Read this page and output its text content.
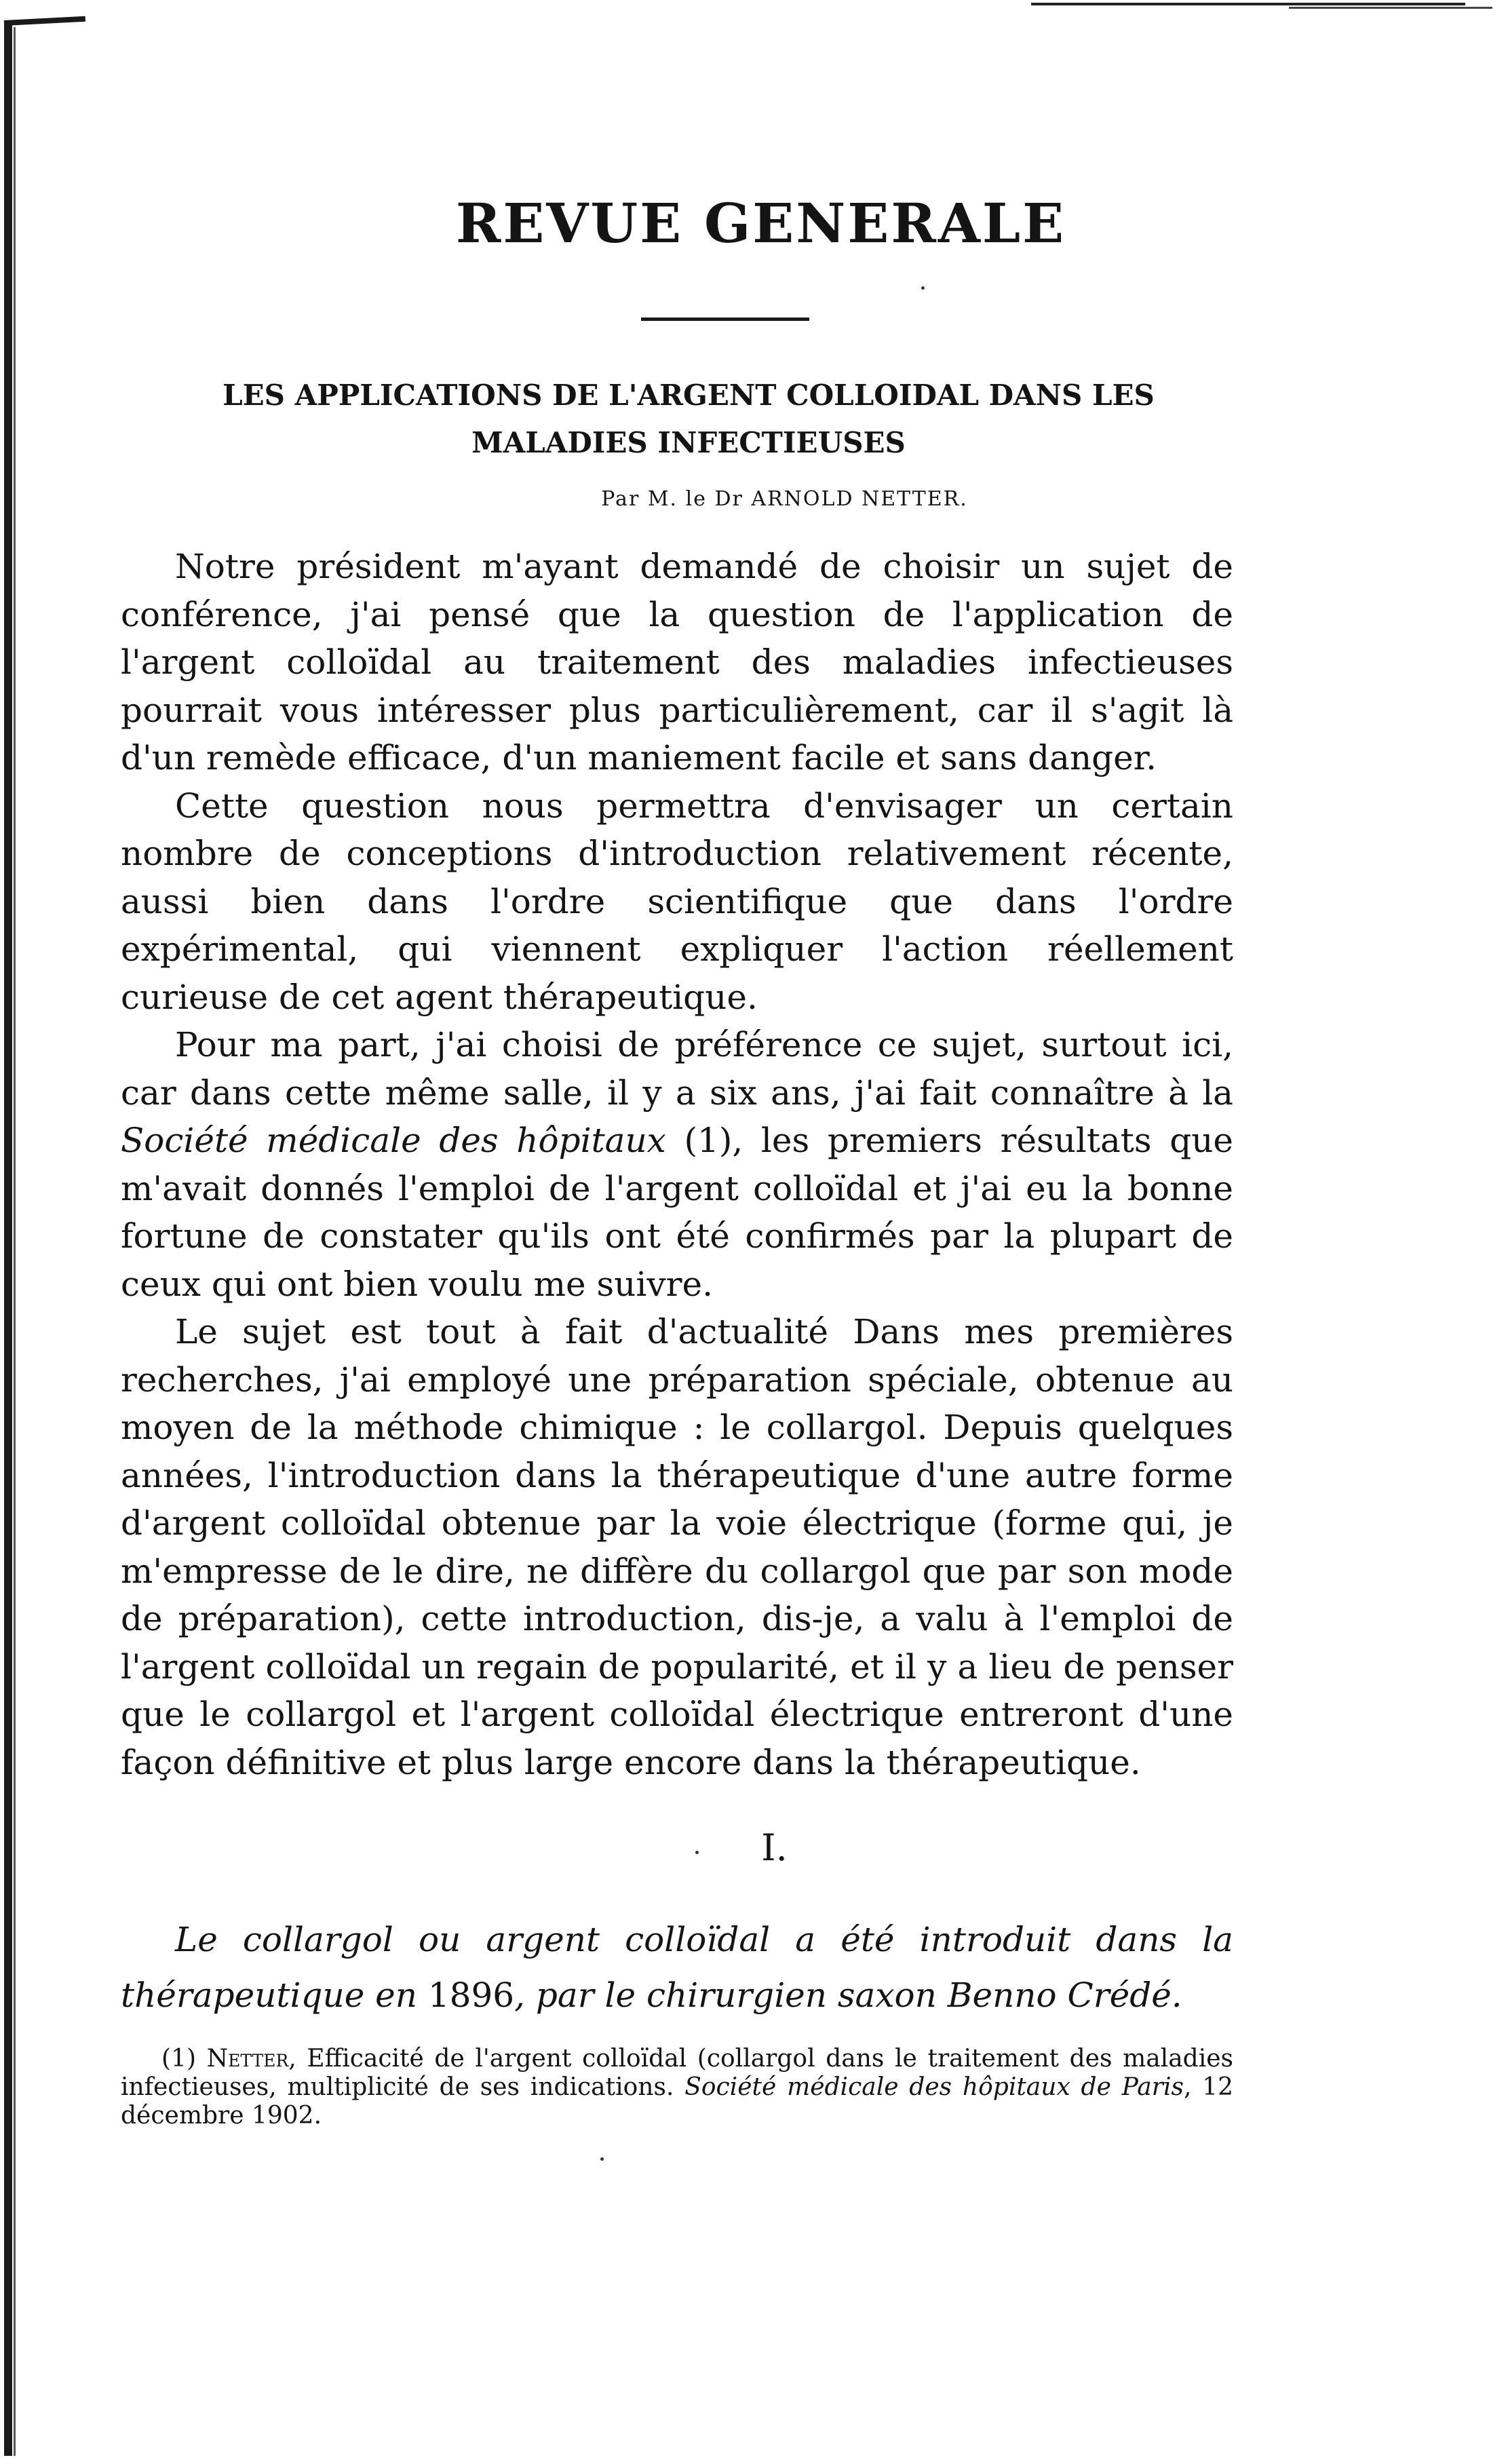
REVUE GENERALE
LES APPLICATIONS DE L'ARGENT COLLOIDAL DANS LES MALADIES INFECTIEUSES
Par M. le Dr ARNOLD NETTER.

Notre président m'ayant demandé de choisir un sujet de conférence, j'ai pensé que la question de l'application de l'argent colloïdal au traitement des maladies infectieuses pourrait vous intéresser plus particulièrement, car il s'agit là d'un remède efficace, d'un maniement facile et sans danger.

Cette question nous permettra d'envisager un certain nombre de conceptions d'introduction relativement récente, aussi bien dans l'ordre scientifique que dans l'ordre expérimental, qui viennent expliquer l'action réellement curieuse de cet agent thérapeutique.

Pour ma part, j'ai choisi de préférence ce sujet, surtout ici, car dans cette même salle, il y a six ans, j'ai fait connaître à la Société médicale des hôpitaux (1), les premiers résultats que m'avait donnés l'emploi de l'argent colloïdal et j'ai eu la bonne fortune de constater qu'ils ont été confirmés par la plupart de ceux qui ont bien voulu me suivre.

Le sujet est tout à fait d'actualité Dans mes premières recherches, j'ai employé une préparation spéciale, obtenue au moyen de la méthode chimique : le collargol. Depuis quelques années, l'introduction dans la thérapeutique d'une autre forme d'argent colloïdal obtenue par la voie électrique (forme qui, je m'empresse de le dire, ne diffère du collargol que par son mode de préparation), cette introduction, dis-je, a valu à l'emploi de l'argent colloïdal un regain de popularité, et il y a lieu de penser que le collargol et l'argent colloïdal électrique entreront d'une façon définitive et plus large encore dans la thérapeutique.

I.

Le collargol ou argent colloïdal a été introduit dans la thérapeutique en 1896, par le chirurgien saxon Benno Crédé.

(1) Netter, Efficacité de l'argent colloïdal (collargol dans le traitement des maladies infectieuses, multiplicité de ses indications. Société médicale des hôpitaux de Paris, 12 décembre 1902.
